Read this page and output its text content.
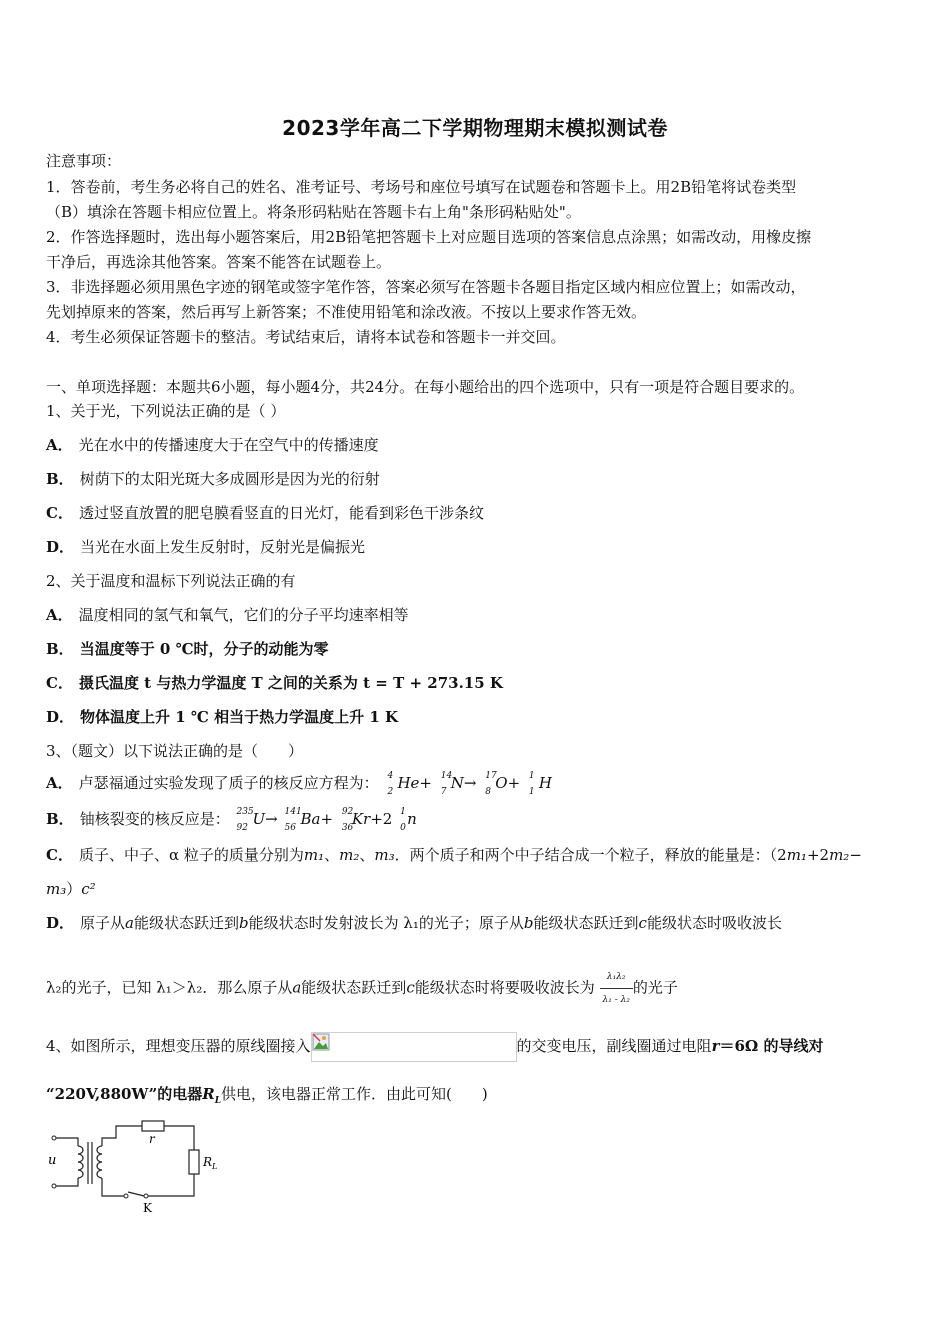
2023学年高二下学期物理期末模拟测试卷
注意事项：
1．答卷前，考生务必将自己的姓名、准考证号、考场号和座位号填写在试题卷和答题卡上。用2B铅笔将试卷类型
（B）填涂在答题卡相应位置上。将条形码粘贴在答题卡右上角"条形码粘贴处"。
2．作答选择题时，选出每小题答案后，用2B铅笔把答题卡上对应题目选项的答案信息点涂黑；如需改动，用橡皮擦
干净后，再选涂其他答案。答案不能答在试题卷上。
3．非选择题必须用黑色字迹的钢笔或签字笔作答，答案必须写在答题卡各题目指定区域内相应位置上；如需改动，
先划掉原来的答案，然后再写上新答案；不准使用铅笔和涂改液。不按以上要求作答无效。
4．考生必须保证答题卡的整洁。考试结束后，请将本试卷和答题卡一并交回。
一、单项选择题：本题共6小题，每小题4分，共24分。在每小题给出的四个选项中，只有一项是符合题目要求的。
1、关于光，下列说法正确的是（ ）
A． 光在水中的传播速度大于在空气中的传播速度
B． 树荫下的太阳光斑大多成圆形是因为光的衍射
C． 透过竖直放置的肥皂膜看竖直的日光灯，能看到彩色干涉条纹
D． 当光在水面上发生反射时，反射光是偏振光
2、关于温度和温标下列说法正确的有
A． 温度相同的氢气和氧气，它们的分子平均速率相等
B． 当温度等于 0 ℃时，分子的动能为零
C． 摄氏温度 t 与热力学温度 T 之间的关系为 t = T + 273.15 K
D． 物体温度上升 1 ℃ 相当于热力学温度上升 1 K
3、（题文）以下说法正确的是（　　）
A． 卢瑟福通过实验发现了质子的核反应方程为： 4
2 He+ 14
7 N→ 17
8 O+ 1
1 H
B． 铀核裂变的核反应是： 235
92 U→ 141
56 Ba+ 92
36
Kr+2 1
0 n
C． 质子、中子、α 粒子的质量分别为m₁、m₂、m₃．两个质子和两个中子结合成一个粒子，释放的能量是：（2m₁+2m₂−
m₃）c²
D． 原子从a能级状态跃迁到b能级状态时发射波长为 λ₁的光子；原子从b能级状态跃迁到c能级状态时吸收波长
λ₂的光子，已知 λ₁＞λ₂．那么原子从a能级状态跃迁到c能级状态时将要吸收波长为 $\frac{\text{λ₁λ₂}}{\text{λ₁ - λ₂}}$ 的光子
4、如图所示，理想变压器的原线圈接入	的交变电压，副线圈通过电阻r＝6Ω 的导线对
“220V,880W”的电器$R_L$供电，该电器正常工作．由此可知(　　)
u
r
$R_L$
K
